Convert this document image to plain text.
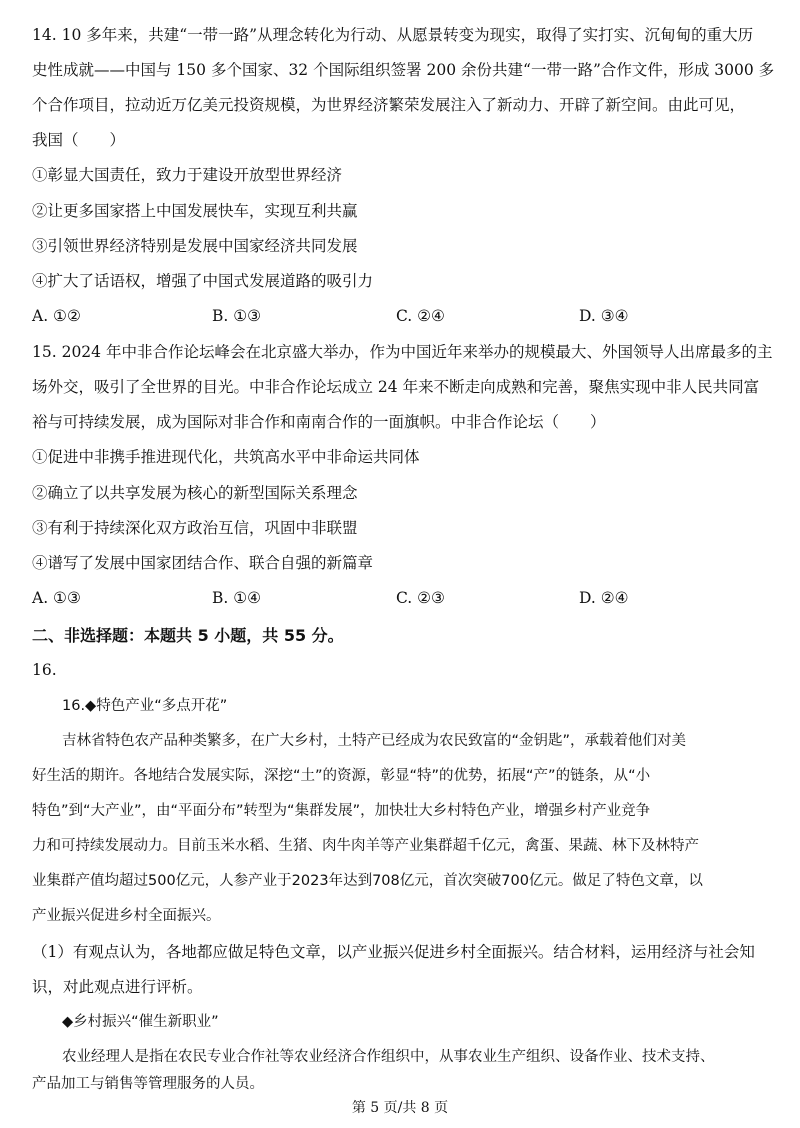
14. 10 多年来，共建“一带一路”从理念转化为行动、从愿景转变为现实，取得了实打实、沉甸甸的重大历
史性成就——中国与 150 多个国家、32 个国际组织签署 200 余份共建“一带一路”合作文件，形成 3000 多
个合作项目，拉动近万亿美元投资规模，为世界经济繁荣发展注入了新动力、开辟了新空间。由此可见，
我国（　　）
①彰显大国责任，致力于建设开放型世界经济
②让更多国家搭上中国发展快车，实现互利共赢
③引领世界经济特别是发展中国家经济共同发展
④扩大了话语权，增强了中国式发展道路的吸引力
A. ①②	B. ①③	C. ②④	D. ③④
15. 2024 年中非合作论坛峰会在北京盛大举办，作为中国近年来举办的规模最大、外国领导人出席最多的主
场外交，吸引了全世界的目光。中非合作论坛成立 24 年来不断走向成熟和完善，聚焦实现中非人民共同富
裕与可持续发展，成为国际对非合作和南南合作的一面旗帜。中非合作论坛（　　）
①促进中非携手推进现代化，共筑高水平中非命运共同体
②确立了以共享发展为核心的新型国际关系理念
③有利于持续深化双方政治互信，巩固中非联盟
④谱写了发展中国家团结合作、联合自强的新篇章
A. ①③	B. ①④	C. ②③	D. ②④
二、非选择题：本题共 5 小题，共 55 分。
16.
16.◆特色产业“多点开花”
吉林省特色农产品种类繁多，在广大乡村，土特产已经成为农民致富的“金钥匙”，承载着他们对美
好生活的期许。各地结合发展实际，深挖“土”的资源，彰显“特”的优势，拓展“产”的链条，从“小
特色”到“大产业”，由“平面分布”转型为“集群发展”，加快壮大乡村特色产业，增强乡村产业竞争
力和可持续发展动力。目前玉米水稻、生猪、肉牛肉羊等产业集群超千亿元，禽蛋、果蔬、林下及林特产
业集群产值均超过500亿元，人参产业于2023年达到708亿元，首次突破700亿元。做足了特色文章，以
产业振兴促进乡村全面振兴。
（1）有观点认为，各地都应做足特色文章，以产业振兴促进乡村全面振兴。结合材料，运用经济与社会知
识，对此观点进行评析。
◆乡村振兴“催生新职业”
农业经理人是指在农民专业合作社等农业经济合作组织中，从事农业生产组织、设备作业、技术支持、
产品加工与销售等管理服务的人员。
第 5 页/共 8 页
